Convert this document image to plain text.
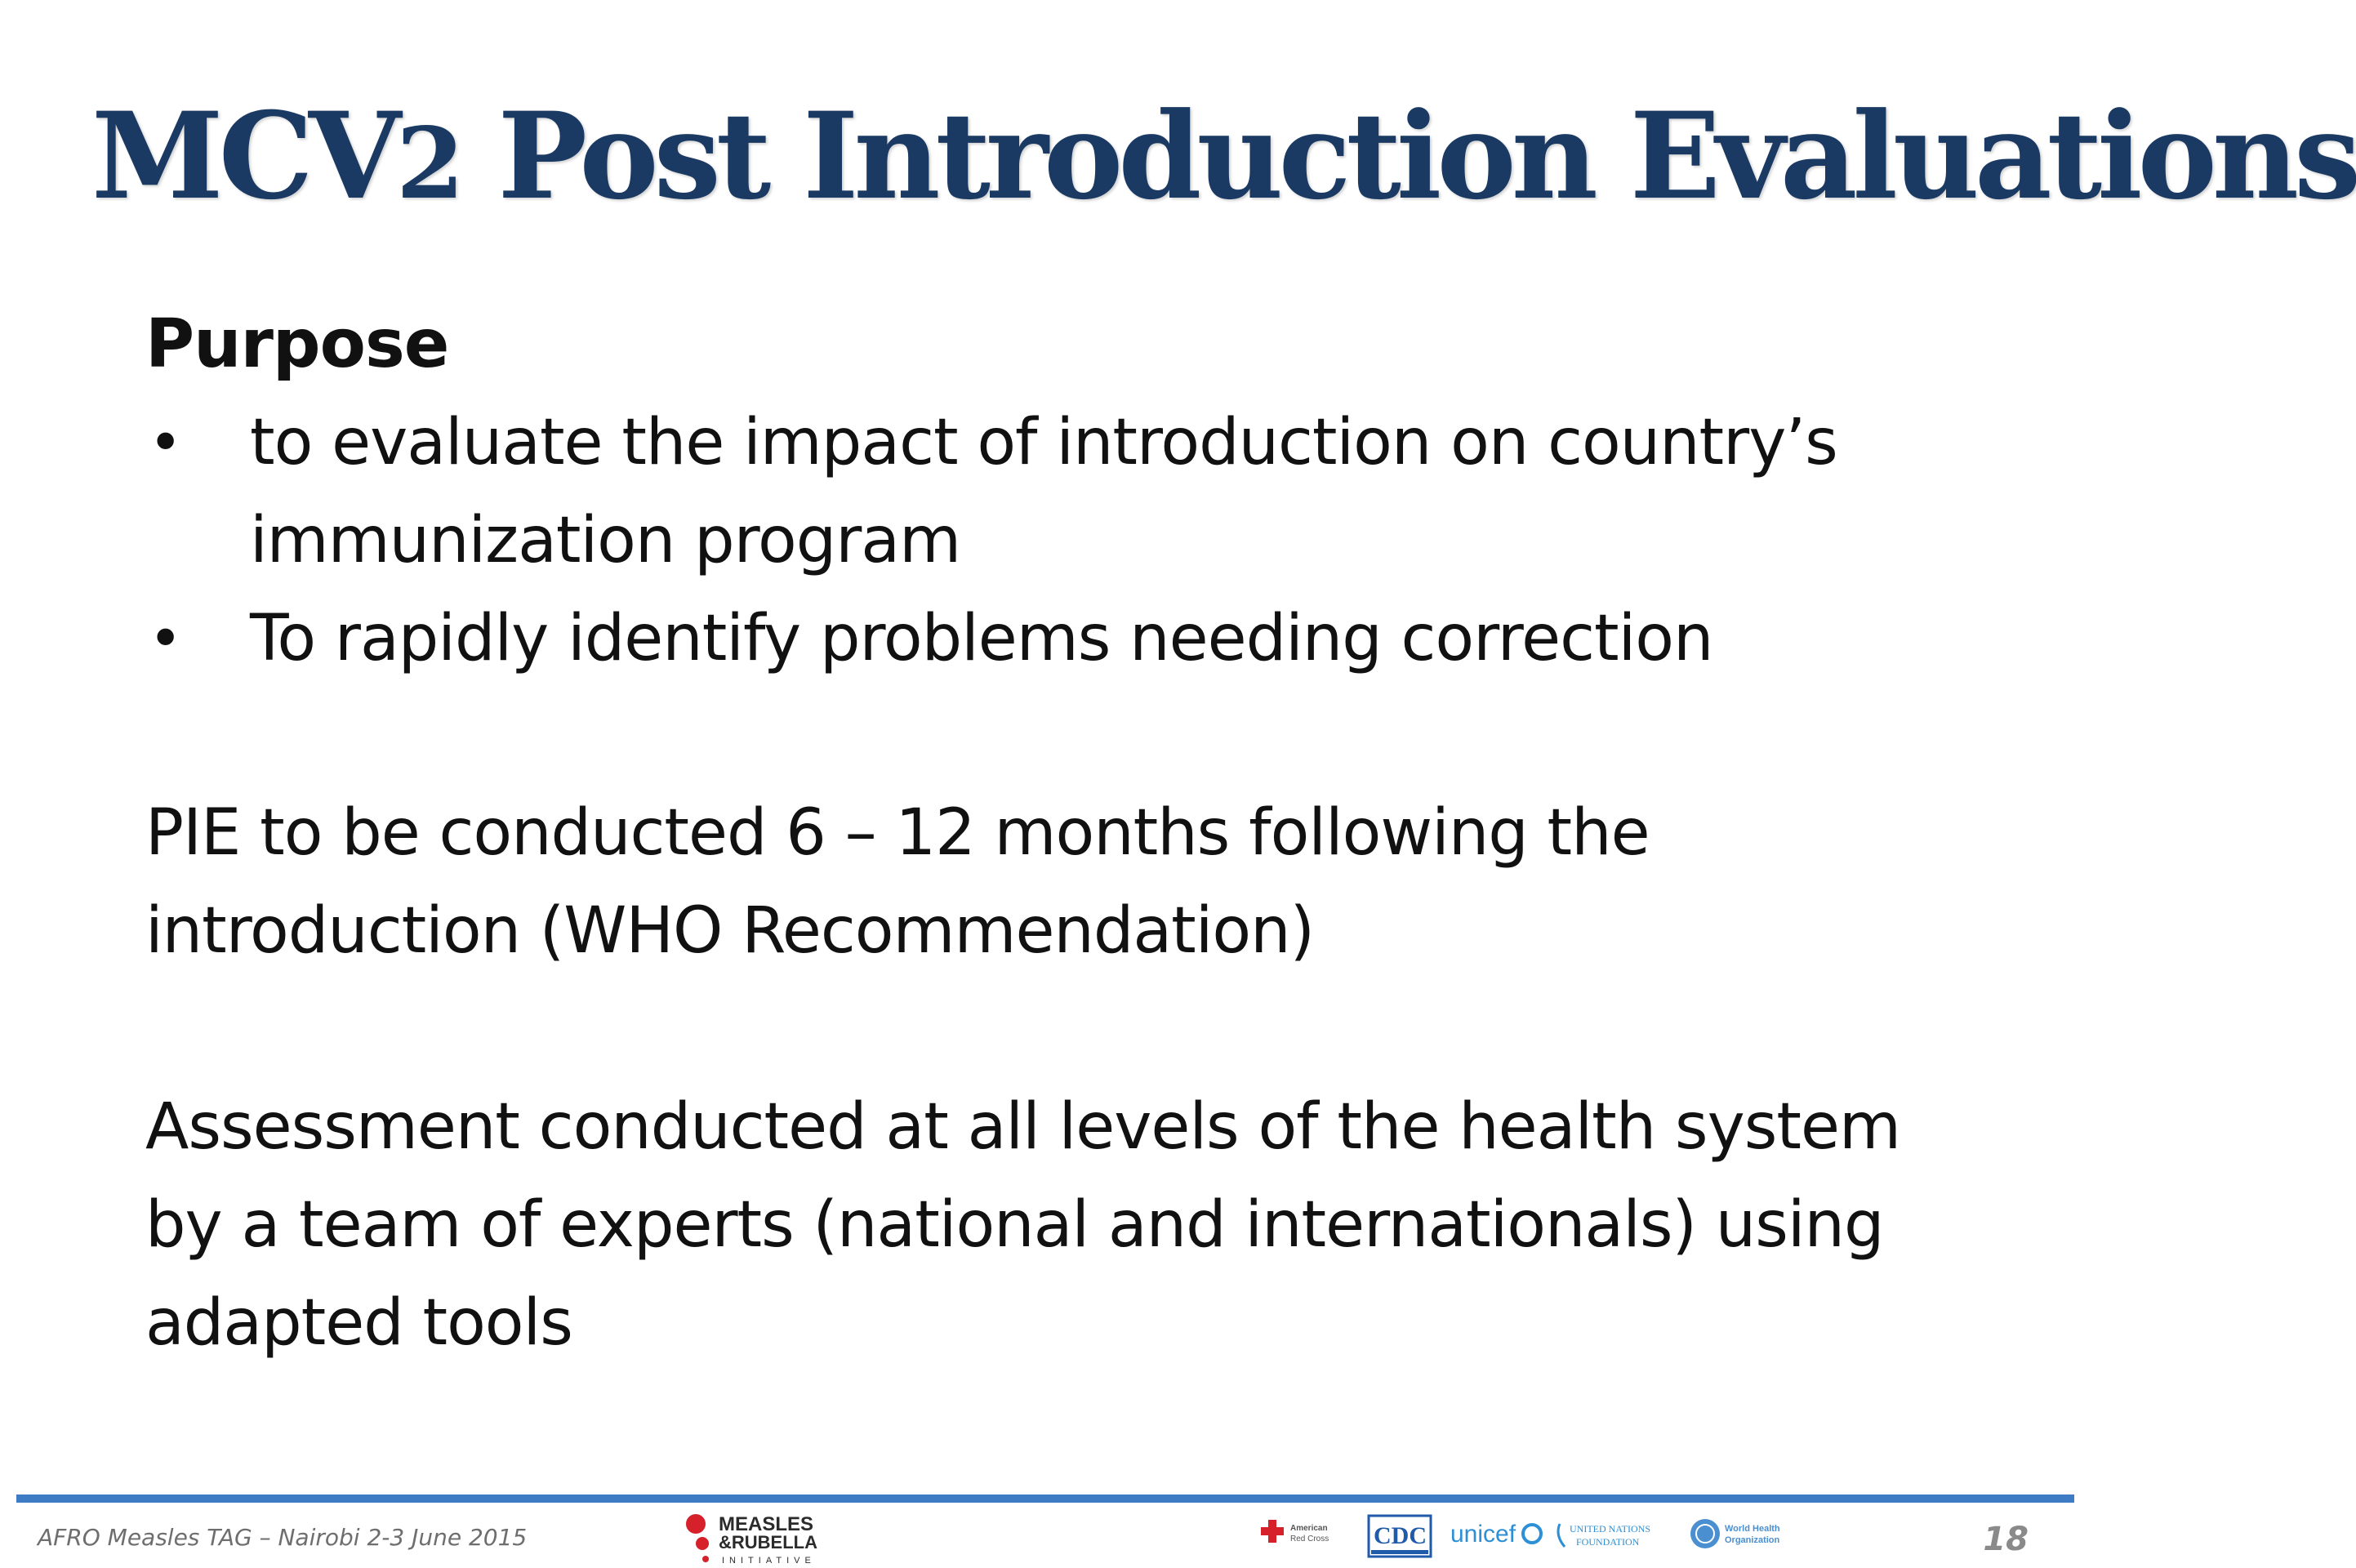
MCV2 Post Introduction Evaluations
Purpose
• to evaluate the impact of introduction on country’s immunization program
• To rapidly identify problems needing correction
PIE to be conducted 6 – 12 months following the introduction (WHO Recommendation)
Assessment conducted at all levels of the health system by a team of experts (national and internationals) using adapted tools
AFRO Measles TAG – Nairobi 2-3 June 2015	MEASLES
&RUBELLA
INITIATIVE
American
Red Cross CDC unicef	UNITED NATIONS
FOUNDATION
World Health
Organization	18
